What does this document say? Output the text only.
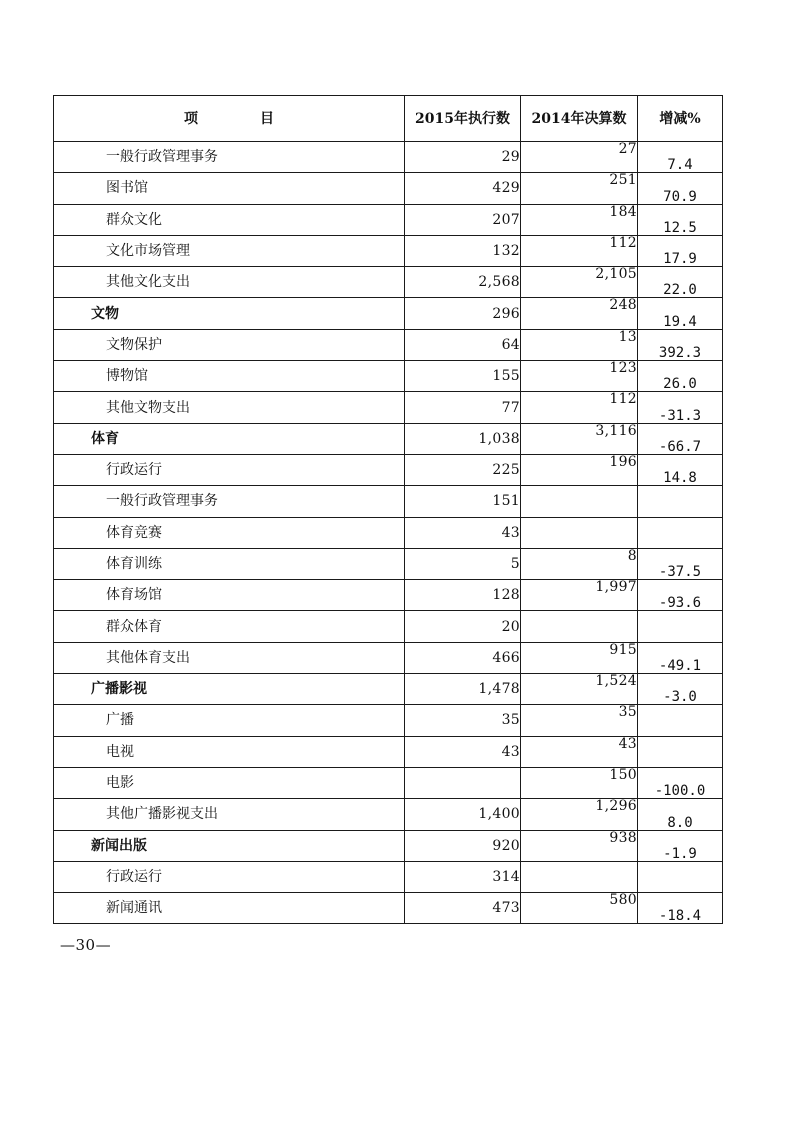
项　目	2015年执行数	2014年决算数	增减%
一般行政管理事务	29	27	7.4
图书馆	429	251	70.9
群众文化	207	184	12.5
文化市场管理	132	112	17.9
其他文化支出	2,568	2,105	22.0
文物	296	248	19.4
文物保护	64	13	392.3
博物馆	155	123	26.0
其他文物支出	77	112	-31.3
体育	1,038	3,116	-66.7
行政运行	225	196	14.8
一般行政管理事务	151		
体育竞赛	43		
体育训练	5	8	-37.5
体育场馆	128	1,997	-93.6
群众体育	20		
其他体育支出	466	915	-49.1
广播影视	1,478	1,524	-3.0
广播	35	35	
电视	43	43	
电影		150	-100.0
其他广播影视支出	1,400	1,296	8.0
新闻出版	920	938	-1.9
行政运行	314		
新闻通讯	473	580	-18.4
—30—
